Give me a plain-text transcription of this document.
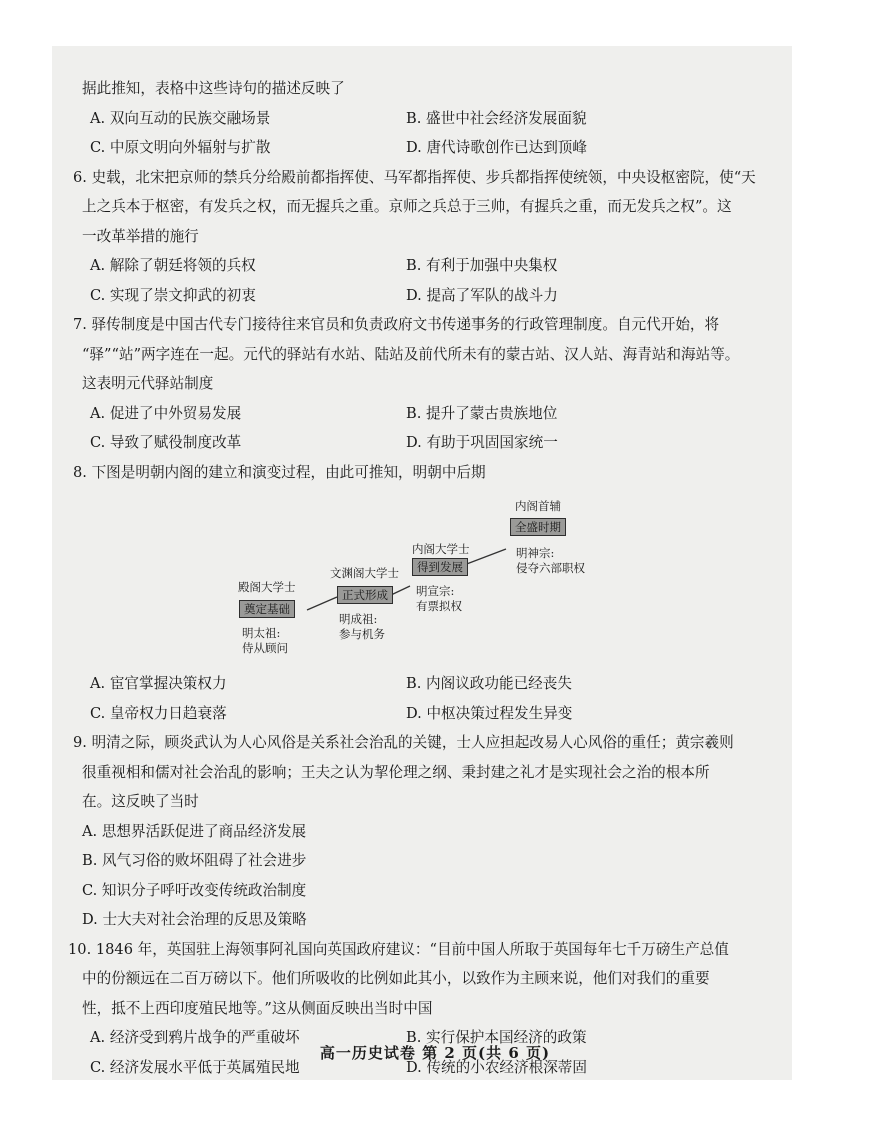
据此推知，表格中这些诗句的描述反映了
A. 双向互动的民族交融场景	B. 盛世中社会经济发展面貌
C. 中原文明向外辐射与扩散	D. 唐代诗歌创作已达到顶峰
6. 史载，北宋把京师的禁兵分给殿前都指挥使、马军都指挥使、步兵都指挥使统领，中央设枢密院，使“天
上之兵本于枢密，有发兵之权，而无握兵之重。京师之兵总于三帅，有握兵之重，而无发兵之权”。这
一改革举措的施行
A. 解除了朝廷将领的兵权	B. 有利于加强中央集权
C. 实现了崇文抑武的初衷	D. 提高了军队的战斗力
7. 驿传制度是中国古代专门接待往来官员和负责政府文书传递事务的行政管理制度。自元代开始，将
“驿”“站”两字连在一起。元代的驿站有水站、陆站及前代所未有的蒙古站、汉人站、海青站和海站等。
这表明元代驿站制度
A. 促进了中外贸易发展	B. 提升了蒙古贵族地位
C. 导致了赋役制度改革	D. 有助于巩固国家统一
8. 下图是明朝内阁的建立和演变过程，由此可推知，明朝中后期
殿阁大学士
奠定基础
明太祖:
侍从顾问
文渊阁大学士
正式形成
明成祖:
参与机务
内阁大学士
得到发展
明宣宗:
有票拟权
内阁首辅
全盛时期
明神宗:
侵夺六部职权
A. 宦官掌握决策权力	B. 内阁议政功能已经丧失
C. 皇帝权力日趋衰落	D. 中枢决策过程发生异变
9. 明清之际，顾炎武认为人心风俗是关系社会治乱的关键，士人应担起改易人心风俗的重任；黄宗羲则
很重视相和儒对社会治乱的影响；王夫之认为挈伦理之纲、秉封建之礼才是实现社会之治的根本所
在。这反映了当时
A. 思想界活跃促进了商品经济发展
B. 风气习俗的败坏阻碍了社会进步
C. 知识分子呼吁改变传统政治制度
D. 士大夫对社会治理的反思及策略
10. 1846 年，英国驻上海领事阿礼国向英国政府建议：“目前中国人所取于英国每年七千万磅生产总值
中的份额远在二百万磅以下。他们所吸收的比例如此其小，以致作为主顾来说，他们对我们的重要
性，抵不上西印度殖民地等。”这从侧面反映出当时中国
A. 经济受到鸦片战争的严重破坏	B. 实行保护本国经济的政策
C. 经济发展水平低于英属殖民地	D. 传统的小农经济根深蒂固
高一历史试卷 第 2 页(共 6 页)
